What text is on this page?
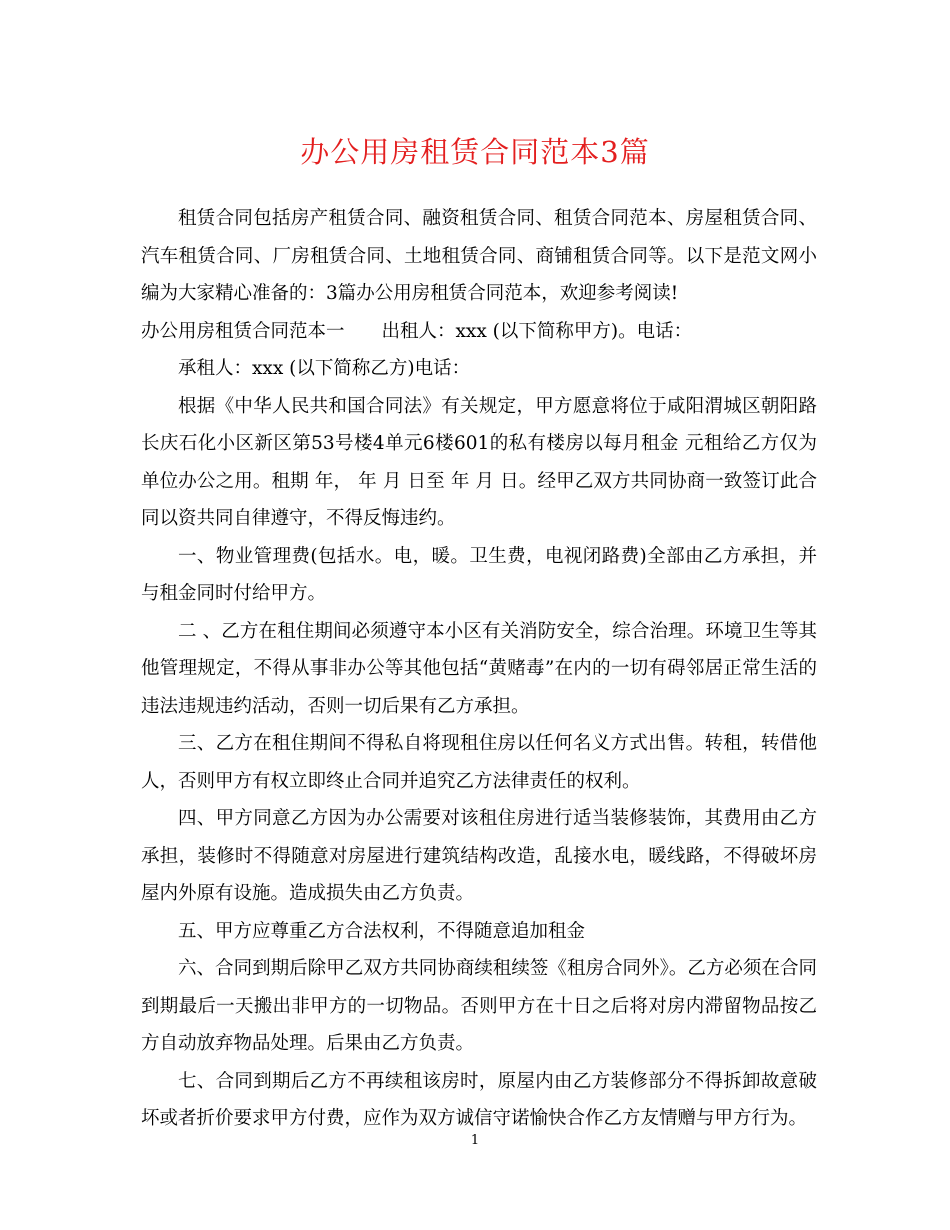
办公用房租赁合同范本3篇

租赁合同包括房产租赁合同、融资租赁合同、租赁合同范本、房屋租赁合同、汽车租赁合同、厂房租赁合同、土地租赁合同、商铺租赁合同等。以下是范文网小编为大家精心准备的：3篇办公用房租赁合同范本，欢迎参考阅读!

办公用房租赁合同范本一　　出租人：xxx (以下简称甲方)。电话：

承租人：xxx (以下简称乙方)电话：

根据《中华人民共和国合同法》有关规定，甲方愿意将位于咸阳渭城区朝阳路长庆石化小区新区第53号楼4单元6楼601的私有楼房以每月租金 元租给乙方仅为单位办公之用。租期 年， 年 月 日至 年 月 日。经甲乙双方共同协商一致签订此合同以资共同自律遵守，不得反悔违约。

一、物业管理费(包括水。电，暖。卫生费，电视闭路费)全部由乙方承担，并与租金同时付给甲方。

二 、乙方在租住期间必须遵守本小区有关消防安全，综合治理。环境卫生等其他管理规定，不得从事非办公等其他包括“黄赌毒”在内的一切有碍邻居正常生活的违法违规违约活动，否则一切后果有乙方承担。

三、乙方在租住期间不得私自将现租住房以任何名义方式出售。转租，转借他人，否则甲方有权立即终止合同并追究乙方法律责任的权利。

四、甲方同意乙方因为办公需要对该租住房进行适当装修装饰，其费用由乙方承担，装修时不得随意对房屋进行建筑结构改造，乱接水电，暖线路，不得破坏房屋内外原有设施。造成损失由乙方负责。

五、甲方应尊重乙方合法权利，不得随意追加租金

六、合同到期后除甲乙双方共同协商续租续签《租房合同外》。乙方必须在合同到期最后一天搬出非甲方的一切物品。否则甲方在十日之后将对房内滞留物品按乙方自动放弃物品处理。后果由乙方负责。

七、合同到期后乙方不再续租该房时，原屋内由乙方装修部分不得拆卸故意破坏或者折价要求甲方付费，应作为双方诚信守诺愉快合作乙方友情赠与甲方行为。

1
